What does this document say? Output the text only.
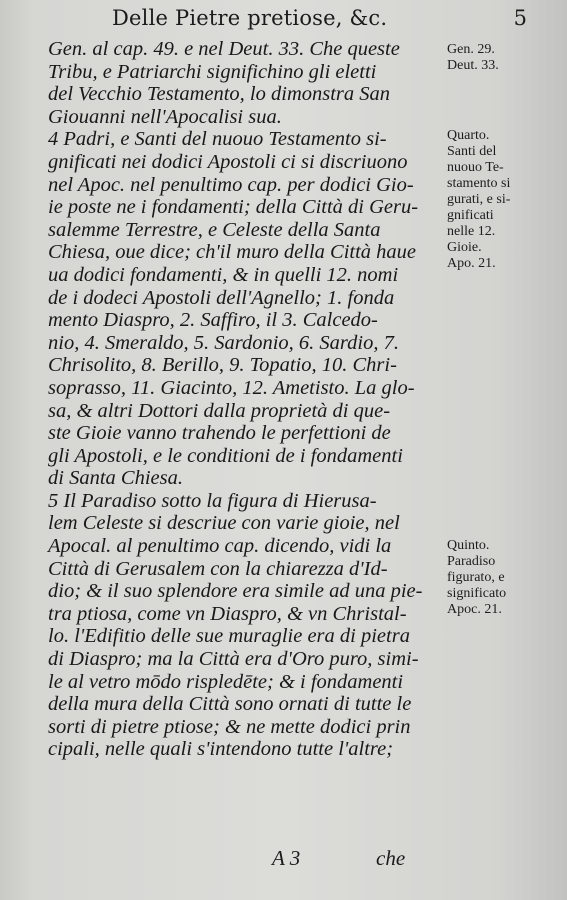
Delle Pietre pretiose, &c.	5
Gen. al cap. 49. e nel Deut. 33. Che queste
Tribu, e Patriarchi significhino gli eletti
del Vecchio Testamento, lo dimonstra San
Giouanni nell'Apocalisi sua.
4 Padri, e Santi del nuouo Testamento si-
gnificati nei dodici Apostoli ci si discriuono
nel Apoc. nel penultimo cap. per dodici Gio-
ie poste ne i fondamenti; della Città di Geru-
salemme Terrestre, e Celeste della Santa
Chiesa, oue dice; ch'il muro della Città haue
ua dodici fondamenti, & in quelli 12. nomi
de i dodeci Apostoli dell'Agnello; 1. fonda
mento Diaspro, 2. Saffiro, il 3. Calcedo-
nio, 4. Smeraldo, 5. Sardonio, 6. Sardio, 7.
Chrisolito, 8. Berillo, 9. Topatio, 10. Chri-
soprasso, 11. Giacinto, 12. Ametisto. La glo-
sa, & altri Dottori dalla proprietà di que-
ste Gioie vanno trahendo le perfettioni de
gli Apostoli, e le conditioni de i fondamenti
di Santa Chiesa.
5 Il Paradiso sotto la figura di Hierusa-
lem Celeste si descriue con varie gioie, nel
Apocal. al penultimo cap. dicendo, vidi la
Città di Gerusalem con la chiarezza d'Id-
dio; & il suo splendore era simile ad una pie-
tra ptiosa, come vn Diaspro, & vn Christal-
lo. l'Edifitio delle sue muraglie era di pietra
di Diaspro; ma la Città era d'Oro puro, simi-
le al vetro mōdo rispledēte; & i fondamenti
della mura della Città sono ornati di tutte le
sorti di pietre ptiose; & ne mette dodici prin
cipali, nelle quali s'intendono tutte l'altre;
Gen. 29.
Deut. 33.
Quarto.
Santi del
nuouo Te-
stamento si
gurati, e si-
gnificati
nelle 12.
Gioie.
Apo. 21.
Quinto.
Paradiso
figurato, e
significato
Apoc. 21.
A 3	che
